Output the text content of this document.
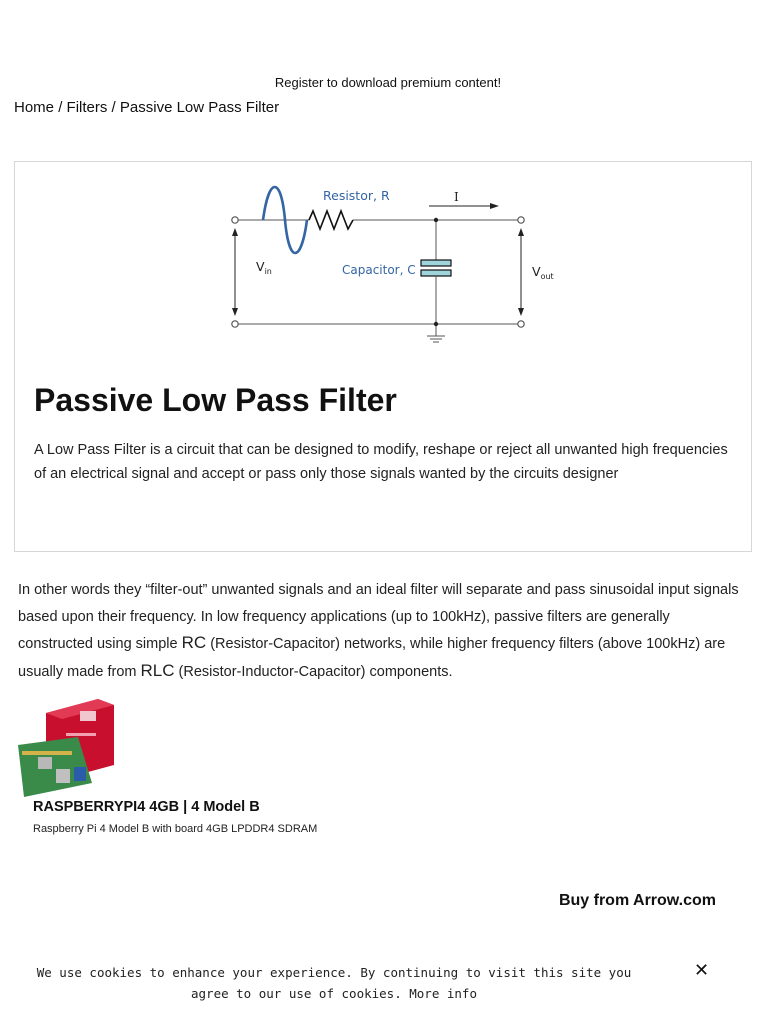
Register to download premium content!
Home / Filters / Passive Low Pass Filter
Resistor, R	I
Capacitor, C
$V_{in}$	$V_{out}$
Passive Low Pass Filter

A Low Pass Filter is a circuit that can be designed to modify, reshape or reject all unwanted high frequencies of an electrical signal and accept or pass only those signals wanted by the circuits designer

In other words they “filter-out” unwanted signals and an ideal filter will separate and pass sinusoidal input signals based upon their frequency. In low frequency applications (up to 100kHz), passive filters are generally constructed using simple RC (Resistor-Capacitor) networks, while higher frequency filters (above 100kHz) are usually made from RLC (Resistor-Inductor-Capacitor) components.

RASPBERRYPI4 4GB | 4 Model B
Raspberry Pi 4 Model B with board 4GB LPDDR4 SDRAM
Buy from Arrow.com
We use cookies to enhance your experience. By continuing to visit this site you agree to our use of cookies. More info
✕
